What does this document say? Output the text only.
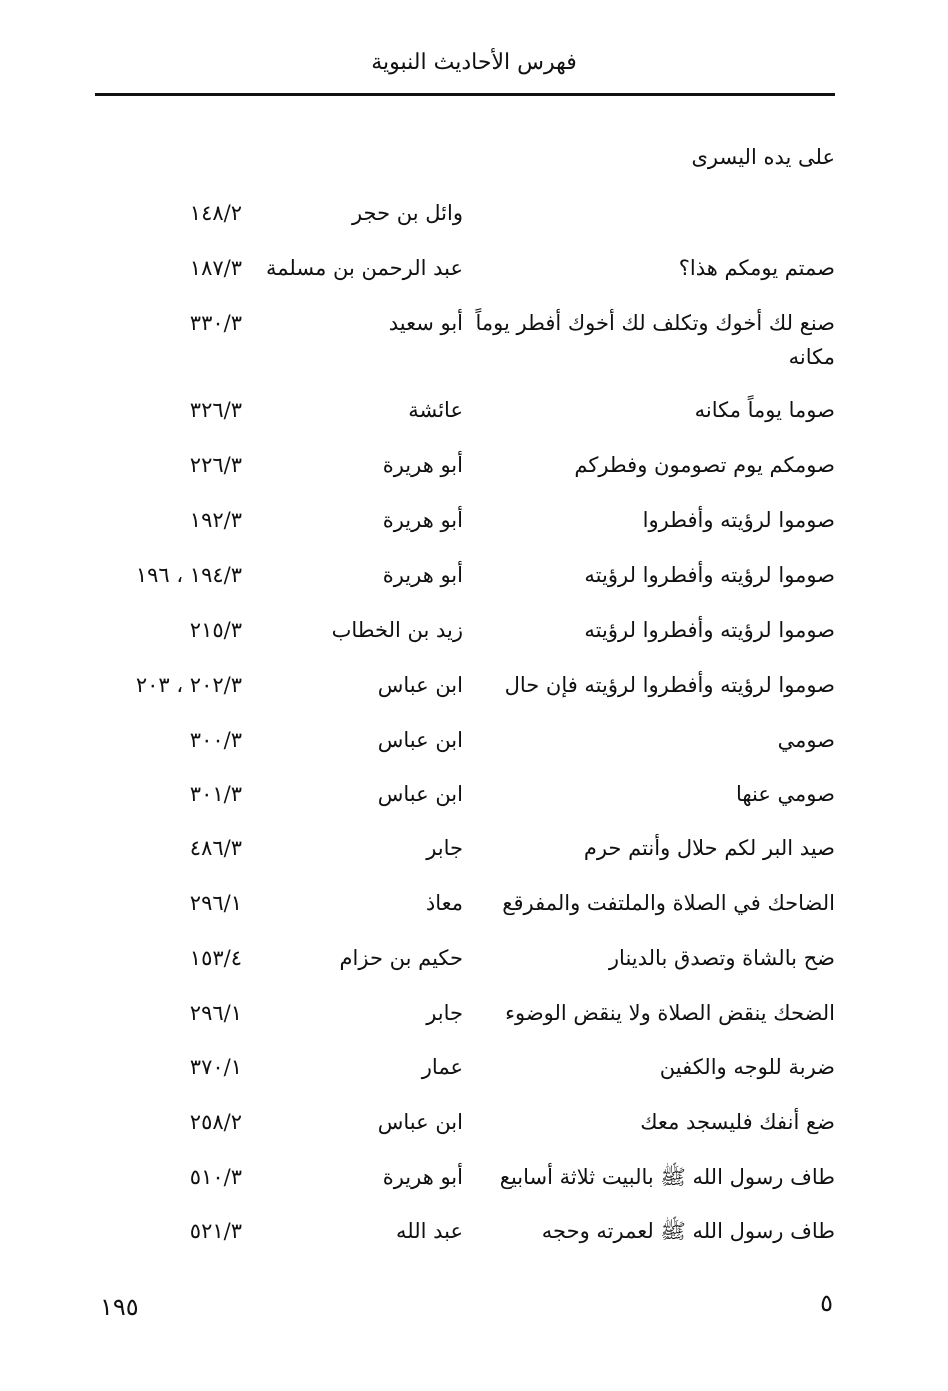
فهرس الأحاديث النبوية
على يده اليسرى
وائل بن حجر
١٤٨/٢
صمتم يومكم هذا؟
عبد الرحمن بن مسلمة
١٨٧/٣
صنع لك أخوك وتكلف لك أخوك أفطر يوماً مكانه
أبو سعيد
٣٣٠/٣
صوما يوماً مكانه
عائشة
٣٢٦/٣
صومكم يوم تصومون وفطركم
أبو هريرة
٢٢٦/٣
صوموا لرؤيته وأفطروا
أبو هريرة
١٩٢/٣
صوموا لرؤيته وأفطروا لرؤيته
أبو هريرة
١٩٤/٣ ، ١٩٦
صوموا لرؤيته وأفطروا لرؤيته
زيد بن الخطاب
٢١٥/٣
صوموا لرؤيته وأفطروا لرؤيته فإن حال
ابن عباس
٢٠٢/٣ ، ٢٠٣
صومي
ابن عباس
٣٠٠/٣
صومي عنها
ابن عباس
٣٠١/٣
صيد البر لكم حلال وأنتم حرم
جابر
٤٨٦/٣
الضاحك في الصلاة والملتفت والمفرقع
معاذ
٢٩٦/١
ضح بالشاة وتصدق بالدينار
حكيم بن حزام
١٥٣/٤
الضحك ينقض الصلاة ولا ينقض الوضوء
جابر
٢٩٦/١
ضربة للوجه والكفين
عمار
٣٧٠/١
ضع أنفك فليسجد معك
ابن عباس
٢٥٨/٢
طاف رسول الله ﷺ بالبيت ثلاثة أسابيع
أبو هريرة
٥١٠/٣
طاف رسول الله ﷺ لعمرته وحجه
عبد الله
٥٢١/٣
١٩٥	٥
